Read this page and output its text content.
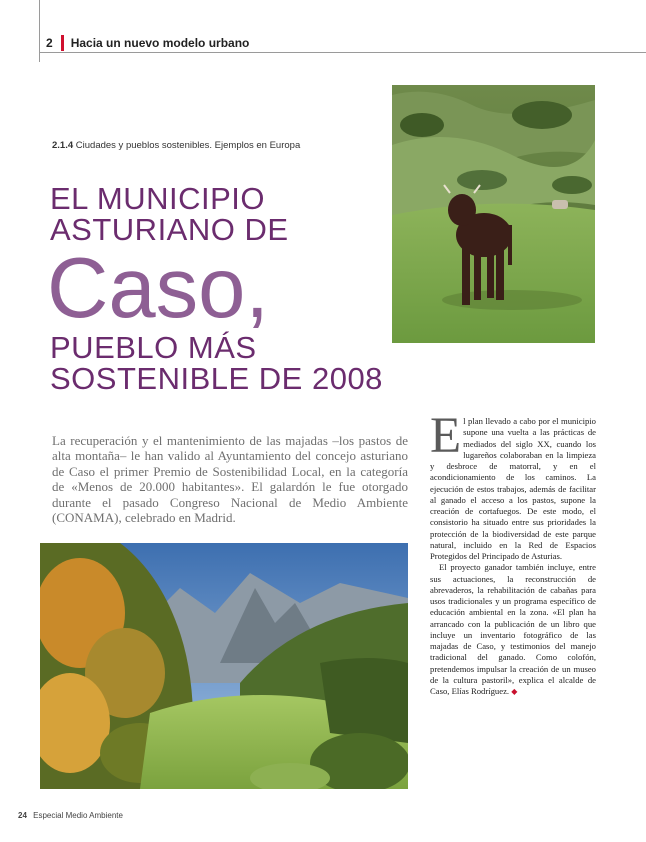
2 Hacia un nuevo modelo urbano
2.1.4 Ciudades y pueblos sostenibles. Ejemplos en Europa
EL MUNICIPIO
ASTURIANO DE
Caso,
PUEBLO MÁS
SOSTENIBLE DE 2008
La recuperación y el mantenimiento de las majadas –los pastos de alta montaña– le han valido al Ayuntamiento del concejo asturiano de Caso el primer Premio de Sostenibilidad Local, en la categoría de «Menos de 20.000 habitantes». El galardón le fue otorgado durante el pasado Congreso Nacional de Medio Ambiente (CONAMA), celebrado en Madrid.

El plan llevado a cabo por el municipio supone una vuelta a las prácticas de mediados del siglo XX, cuando los lugareños colaboraban en la limpieza y desbroce de matorral, y en el acondicionamiento de los caminos. La ejecución de estos trabajos, además de facilitar al ganado el acceso a los pastos, supone la creación de cortafuegos. De este modo, el consistorio ha situado entre sus prioridades la protección de la biodiversidad de este parque natural, incluido en la Red de Espacios Protegidos del Principado de Asturias.

El proyecto ganador también incluye, entre sus actuaciones, la reconstrucción de abrevaderos, la rehabilitación de cabañas para usos tradicionales y un programa específico de educación ambiental en la zona. «El plan ha arrancado con la publicación de un libro que incluye un inventario fotográfico de las majadas de Caso, y testimonios del manejo tradicional del ganado. Como colofón, pretendemos impulsar la creación de un museo de la cultura pastoril», explica el alcalde de Caso, Elías Rodríguez. ◆

24 Especial Medio Ambiente
